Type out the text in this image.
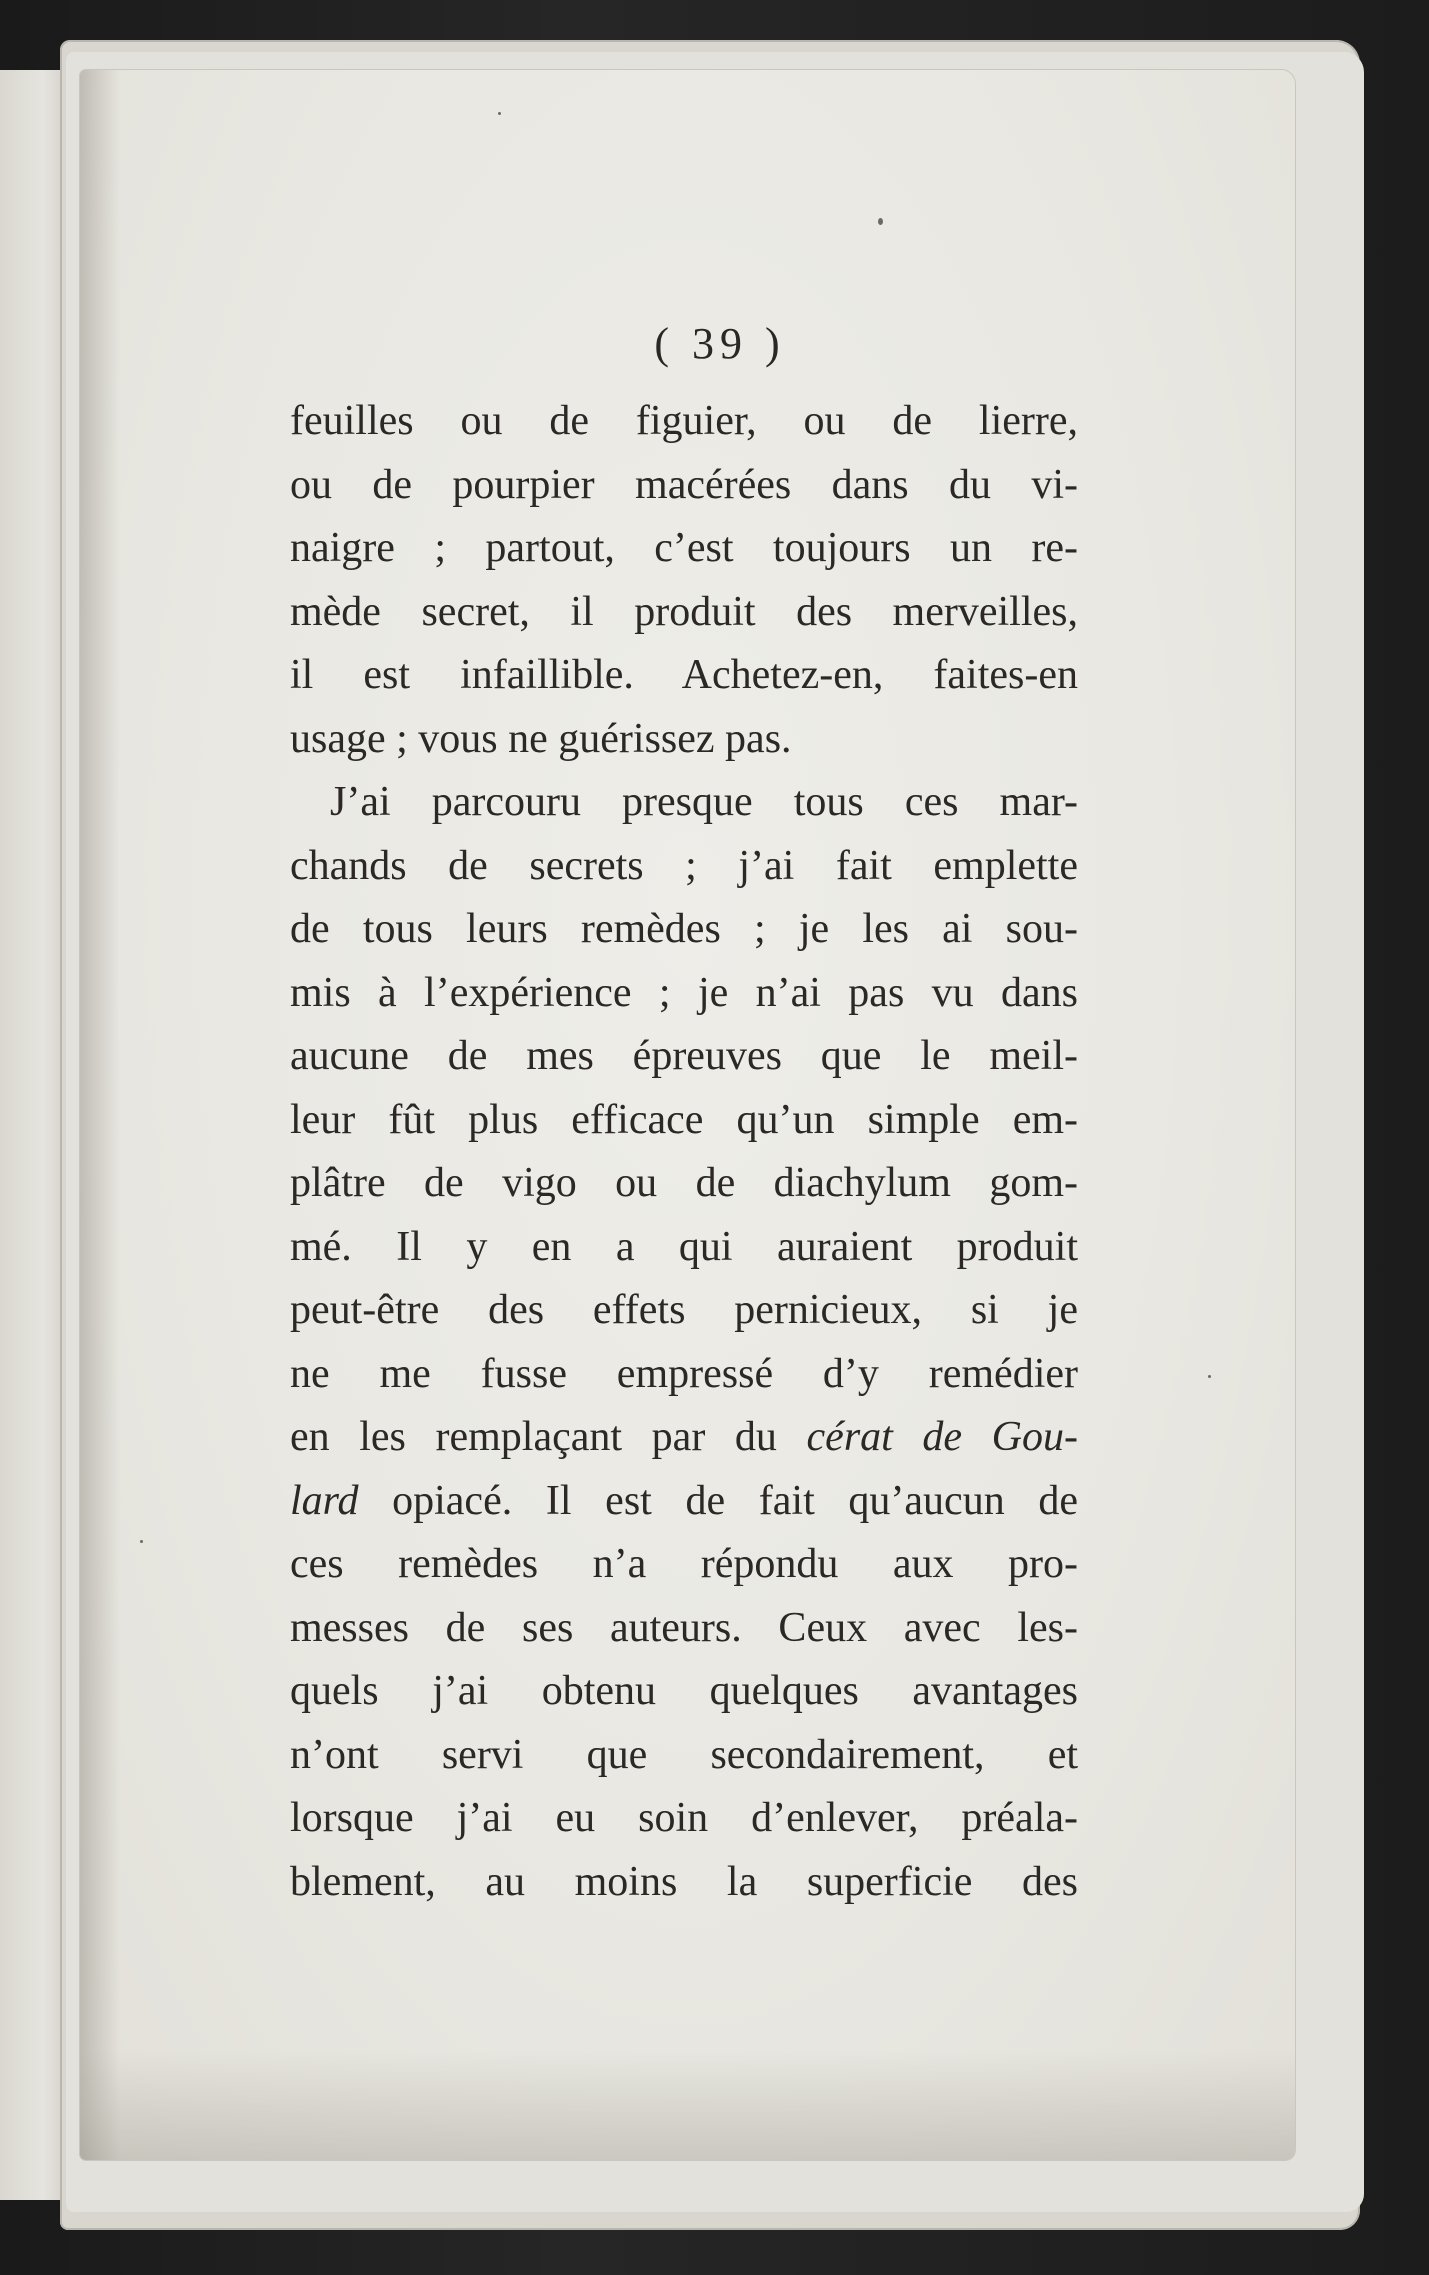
( 39 )
feuilles ou de figuier, ou de lierre,
ou de pourpier macérées dans du vi-
naigre ; partout, c’est toujours un re-
mède secret, il produit des merveilles,
il est infaillible. Achetez-en, faites-en
usage ; vous ne guérissez pas.
J’ai parcouru presque tous ces mar-
chands de secrets ; j’ai fait emplette
de tous leurs remèdes ; je les ai sou-
mis à l’expérience ; je n’ai pas vu dans
aucune de mes épreuves que le meil-
leur fût plus efficace qu’un simple em-
plâtre de vigo ou de diachylum gom-
mé. Il y en a qui auraient produit
peut-être des effets pernicieux, si je
ne me fusse empressé d’y remédier
en les remplaçant par du cérat de Gou-
lard opiacé. Il est de fait qu’aucun de
ces remèdes n’a répondu aux pro-
messes de ses auteurs. Ceux avec les-
quels j’ai obtenu quelques avantages
n’ont servi que secondairement, et
lorsque j’ai eu soin d’enlever, préala-
blement, au moins la superficie des
